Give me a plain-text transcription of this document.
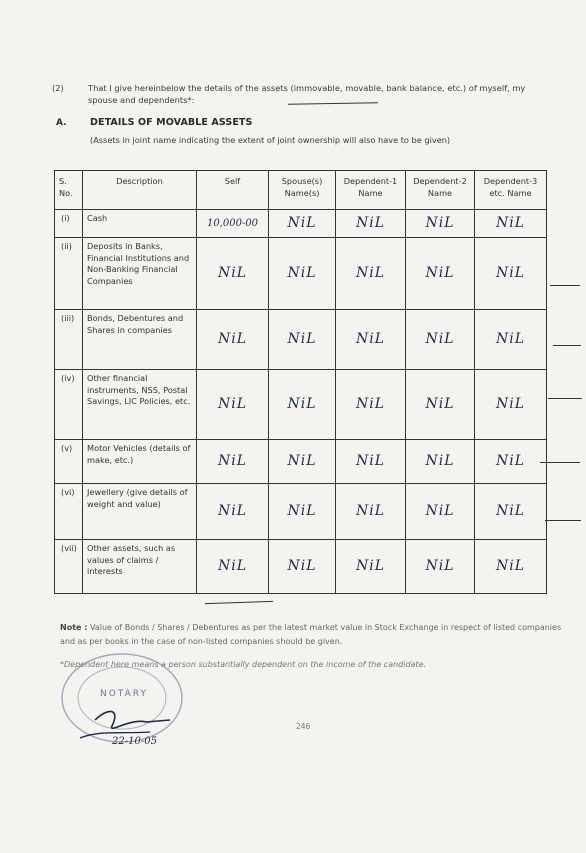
(2)	That I give hereinbelow the details of the assets (immovable, movable, bank balance, etc.) of myself, my spouse and dependents*:
A. DETAILS OF MOVABLE ASSETS
(Assets in joint name indicating the extent of joint ownership will also have to be given)
S. No.	Description	Self	Spouse(s) Name(s)	Dependent-1 Name	Dependent-2 Name	Dependent-3 etc. Name
(i)	Cash	10,000-00	NiL	NiL	NiL	NiL
(ii)	Deposits in Banks, Financial Institutions and Non-Banking Financial Companies	NiL	NiL	NiL	NiL	NiL
(iii)	Bonds, Debentures and Shares in companies	NiL	NiL	NiL	NiL	NiL
(iv)	Other financial instruments, NSS, Postal Savings, LIC Policies, etc.	NiL	NiL	NiL	NiL	NiL
(v)	Motor Vehicles (details of make, etc.)	NiL	NiL	NiL	NiL	NiL
(vi)	Jewellery (give details of weight and value)	NiL	NiL	NiL	NiL	NiL
(vii)	Other assets, such as values of claims / interests	NiL	NiL	NiL	NiL	NiL
Note : Value of Bonds / Shares / Debentures as per the latest market value in Stock Exchange in respect of listed companies and as per books in the case of non-listed companies should be given.
*Dependent here means a person substantially dependent on the income of the candidate.
246
NOTARY
22-10-05
